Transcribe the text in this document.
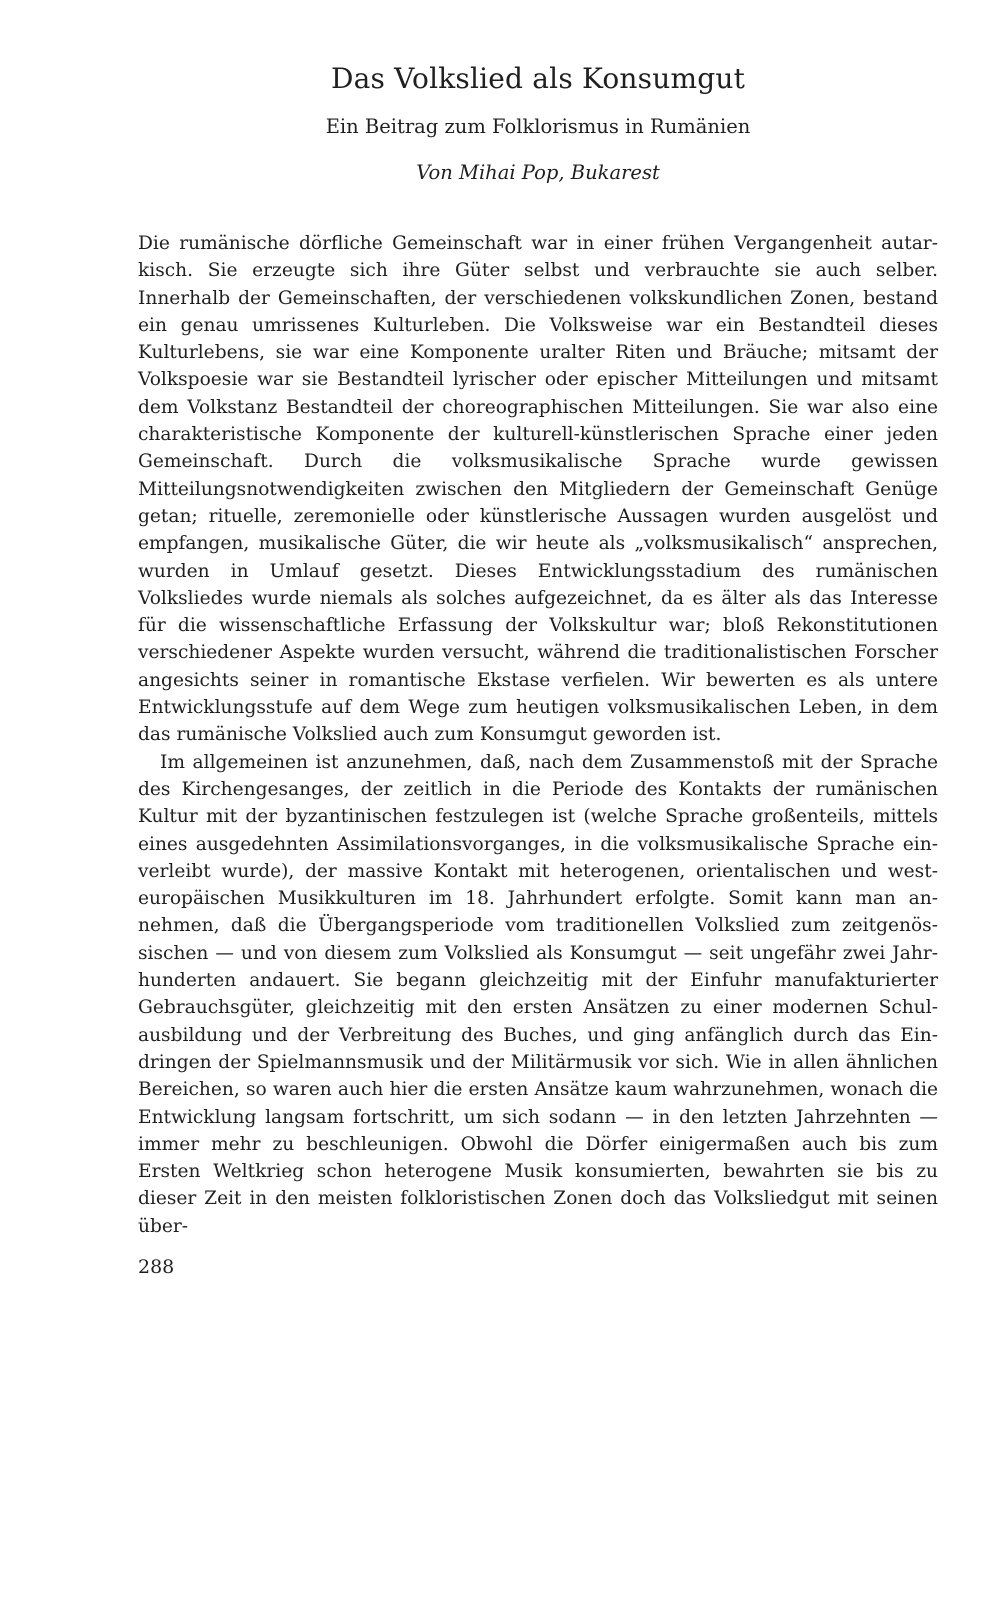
Das Volkslied als Konsumgut
Ein Beitrag zum Folklorismus in Rumänien
Von Mihai Pop, Bukarest

Die rumänische dörfliche Gemeinschaft war in einer frühen Vergangenheit autarkisch. Sie erzeugte sich ihre Güter selbst und verbrauchte sie auch selber. Innerhalb der Gemeinschaften, der verschiedenen volkskundlichen Zonen, bestand ein genau umrissenes Kulturleben. Die Volksweise war ein Bestandteil dieses Kulturlebens, sie war eine Komponente uralter Riten und Bräuche; mitsamt der Volkspoesie war sie Bestandteil lyrischer oder epischer Mitteilungen und mitsamt dem Volkstanz Bestandteil der choreographischen Mitteilungen. Sie war also eine charakteristische Komponente der kulturell-künstlerischen Sprache einer jeden Gemeinschaft. Durch die volksmusikalische Sprache wurde gewissen Mitteilungsnotwendigkeiten zwischen den Mitgliedern der Gemeinschaft Genüge getan; rituelle, zeremonielle oder künstlerische Aussagen wurden ausgelöst und empfangen, musikalische Güter, die wir heute als „volksmusikalisch“ ansprechen, wurden in Umlauf gesetzt. Dieses Entwicklungsstadium des rumänischen Volksliedes wurde niemals als solches aufgezeichnet, da es älter als das Interesse für die wissenschaftliche Erfassung der Volkskultur war; bloß Rekonstitutionen verschiedener Aspekte wurden versucht, während die traditionalistischen Forscher angesichts seiner in romantische Ekstase verfielen. Wir bewerten es als untere Entwicklungsstufe auf dem Wege zum heutigen volksmusikalischen Leben, in dem das rumänische Volkslied auch zum Konsumgut geworden ist.

Im allgemeinen ist anzunehmen, daß, nach dem Zusammenstoß mit der Sprache des Kirchengesanges, der zeitlich in die Periode des Kontakts der rumänischen Kultur mit der byzantinischen festzulegen ist (welche Sprache großenteils, mittels eines ausgedehnten Assimilationsvorganges, in die volksmusikalische Sprache einverleibt wurde), der massive Kontakt mit heterogenen, orientalischen und westeuropäischen Musikkulturen im 18. Jahrhundert erfolgte. Somit kann man annehmen, daß die Übergangsperiode vom traditionellen Volkslied zum zeitgenössischen — und von diesem zum Volkslied als Konsumgut — seit ungefähr zwei Jahrhunderten andauert. Sie begann gleichzeitig mit der Einfuhr manufakturierter Gebrauchsgüter, gleichzeitig mit den ersten Ansätzen zu einer modernen Schulausbildung und der Verbreitung des Buches, und ging anfänglich durch das Eindringen der Spielmannsmusik und der Militärmusik vor sich. Wie in allen ähnlichen Bereichen, so waren auch hier die ersten Ansätze kaum wahrzunehmen, wonach die Entwicklung langsam fortschritt, um sich sodann — in den letzten Jahrzehnten — immer mehr zu beschleunigen. Obwohl die Dörfer einigermaßen auch bis zum Ersten Weltkrieg schon heterogene Musik konsumierten, bewahrten sie bis zu dieser Zeit in den meisten folkloristischen Zonen doch das Volksliedgut mit seinen über-

288
